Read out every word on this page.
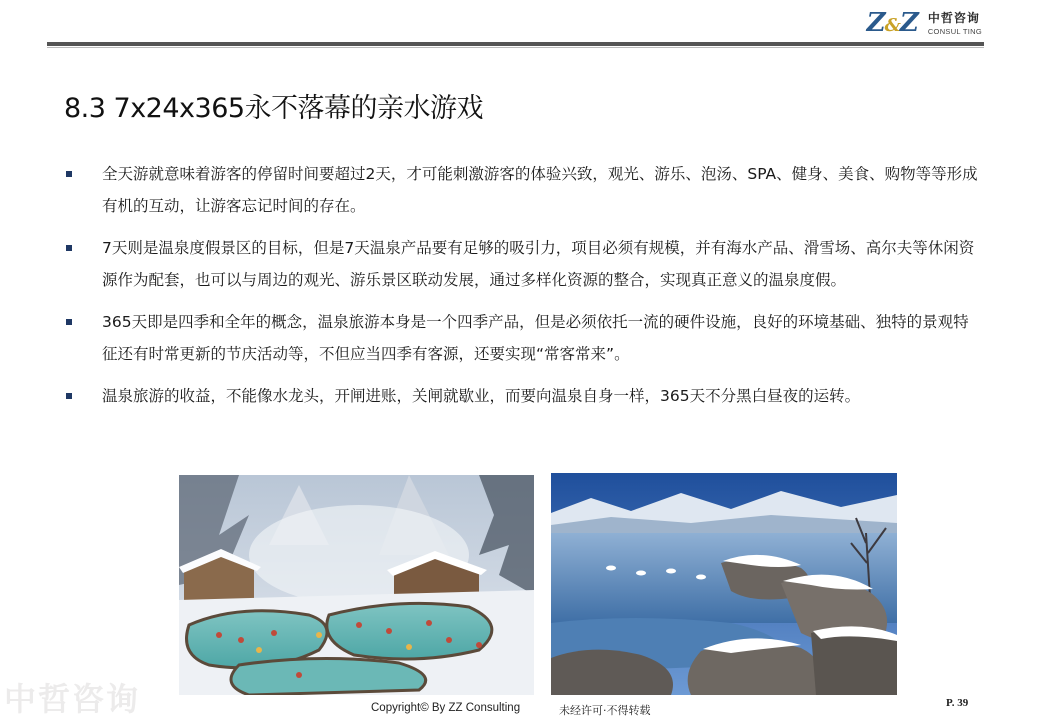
Z&Z 中哲咨询
CONSUL TING
8.3 7x24x365永不落幕的亲水游戏
全天游就意味着游客的停留时间要超过2天，才可能刺激游客的体验兴致，观光、游乐、泡汤、SPA、健身、美食、购物等等形成有机的互动，让游客忘记时间的存在。
7天则是温泉度假景区的目标，但是7天温泉产品要有足够的吸引力，项目必须有规模，并有海水产品、滑雪场、高尔夫等休闲资源作为配套，也可以与周边的观光、游乐景区联动发展，通过多样化资源的整合，实现真正意义的温泉度假。
365天即是四季和全年的概念，温泉旅游本身是一个四季产品，但是必须依托一流的硬件设施，良好的环境基础、独特的景观特征还有时常更新的节庆活动等，不但应当四季有客源，还要实现“常客常来”。
温泉旅游的收益，不能像水龙头，开闸进账，关闸就歇业，而要向温泉自身一样，365天不分黑白昼夜的运转。
中哲咨询	Copyright© By ZZ Consulting	未经许可·不得转载
P. 39
